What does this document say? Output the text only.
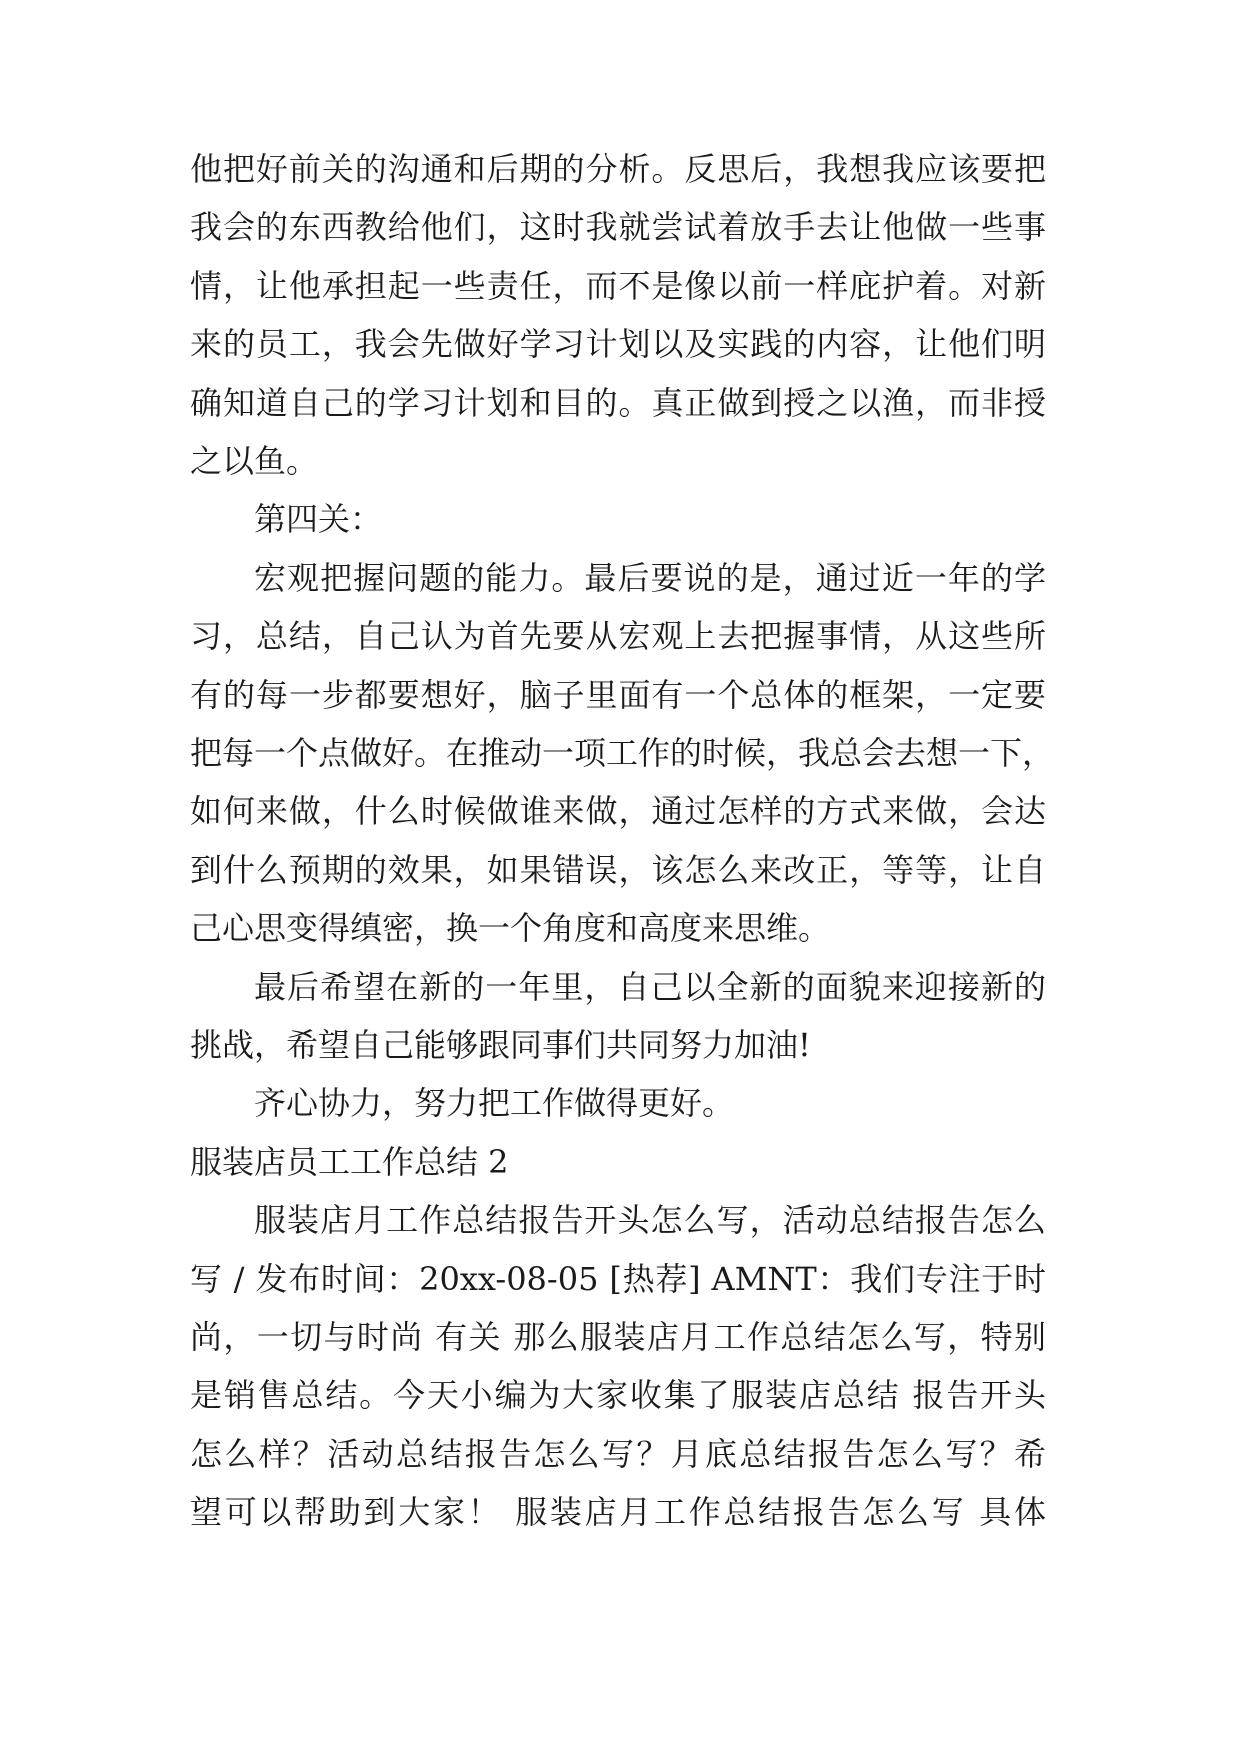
他把好前关的沟通和后期的分析。反思后，我想我应该要把
我会的东西教给他们，这时我就尝试着放手去让他做一些事
情，让他承担起一些责任，而不是像以前一样庇护着。对新
来的员工，我会先做好学习计划以及实践的内容，让他们明
确知道自己的学习计划和目的。真正做到授之以渔，而非授
之以鱼。
第四关：
宏观把握问题的能力。最后要说的是，通过近一年的学
习，总结，自己认为首先要从宏观上去把握事情，从这些所
有的每一步都要想好，脑子里面有一个总体的框架，一定要
把每一个点做好。在推动一项工作的时候，我总会去想一下，
如何来做，什么时候做谁来做，通过怎样的方式来做，会达
到什么预期的效果，如果错误，该怎么来改正，等等，让自
己心思变得缜密，换一个角度和高度来思维。
最后希望在新的一年里，自己以全新的面貌来迎接新的
挑战，希望自己能够跟同事们共同努力加油!
齐心协力，努力把工作做得更好。
服装店员工工作总结 2
服装店月工作总结报告开头怎么写，活动总结报告怎么
写 / 发布时间：20xx-08-05 [热荐] AMNT：我们专注于时
尚，一切与时尚 有关 那么服装店月工作总结怎么写，特别
是销售总结。今天小编为大家收集了服装店总结 报告开头
怎么样？活动总结报告怎么写？月底总结报告怎么写？希
望可以帮助到大家！ 服装店月工作总结报告怎么写 具体
